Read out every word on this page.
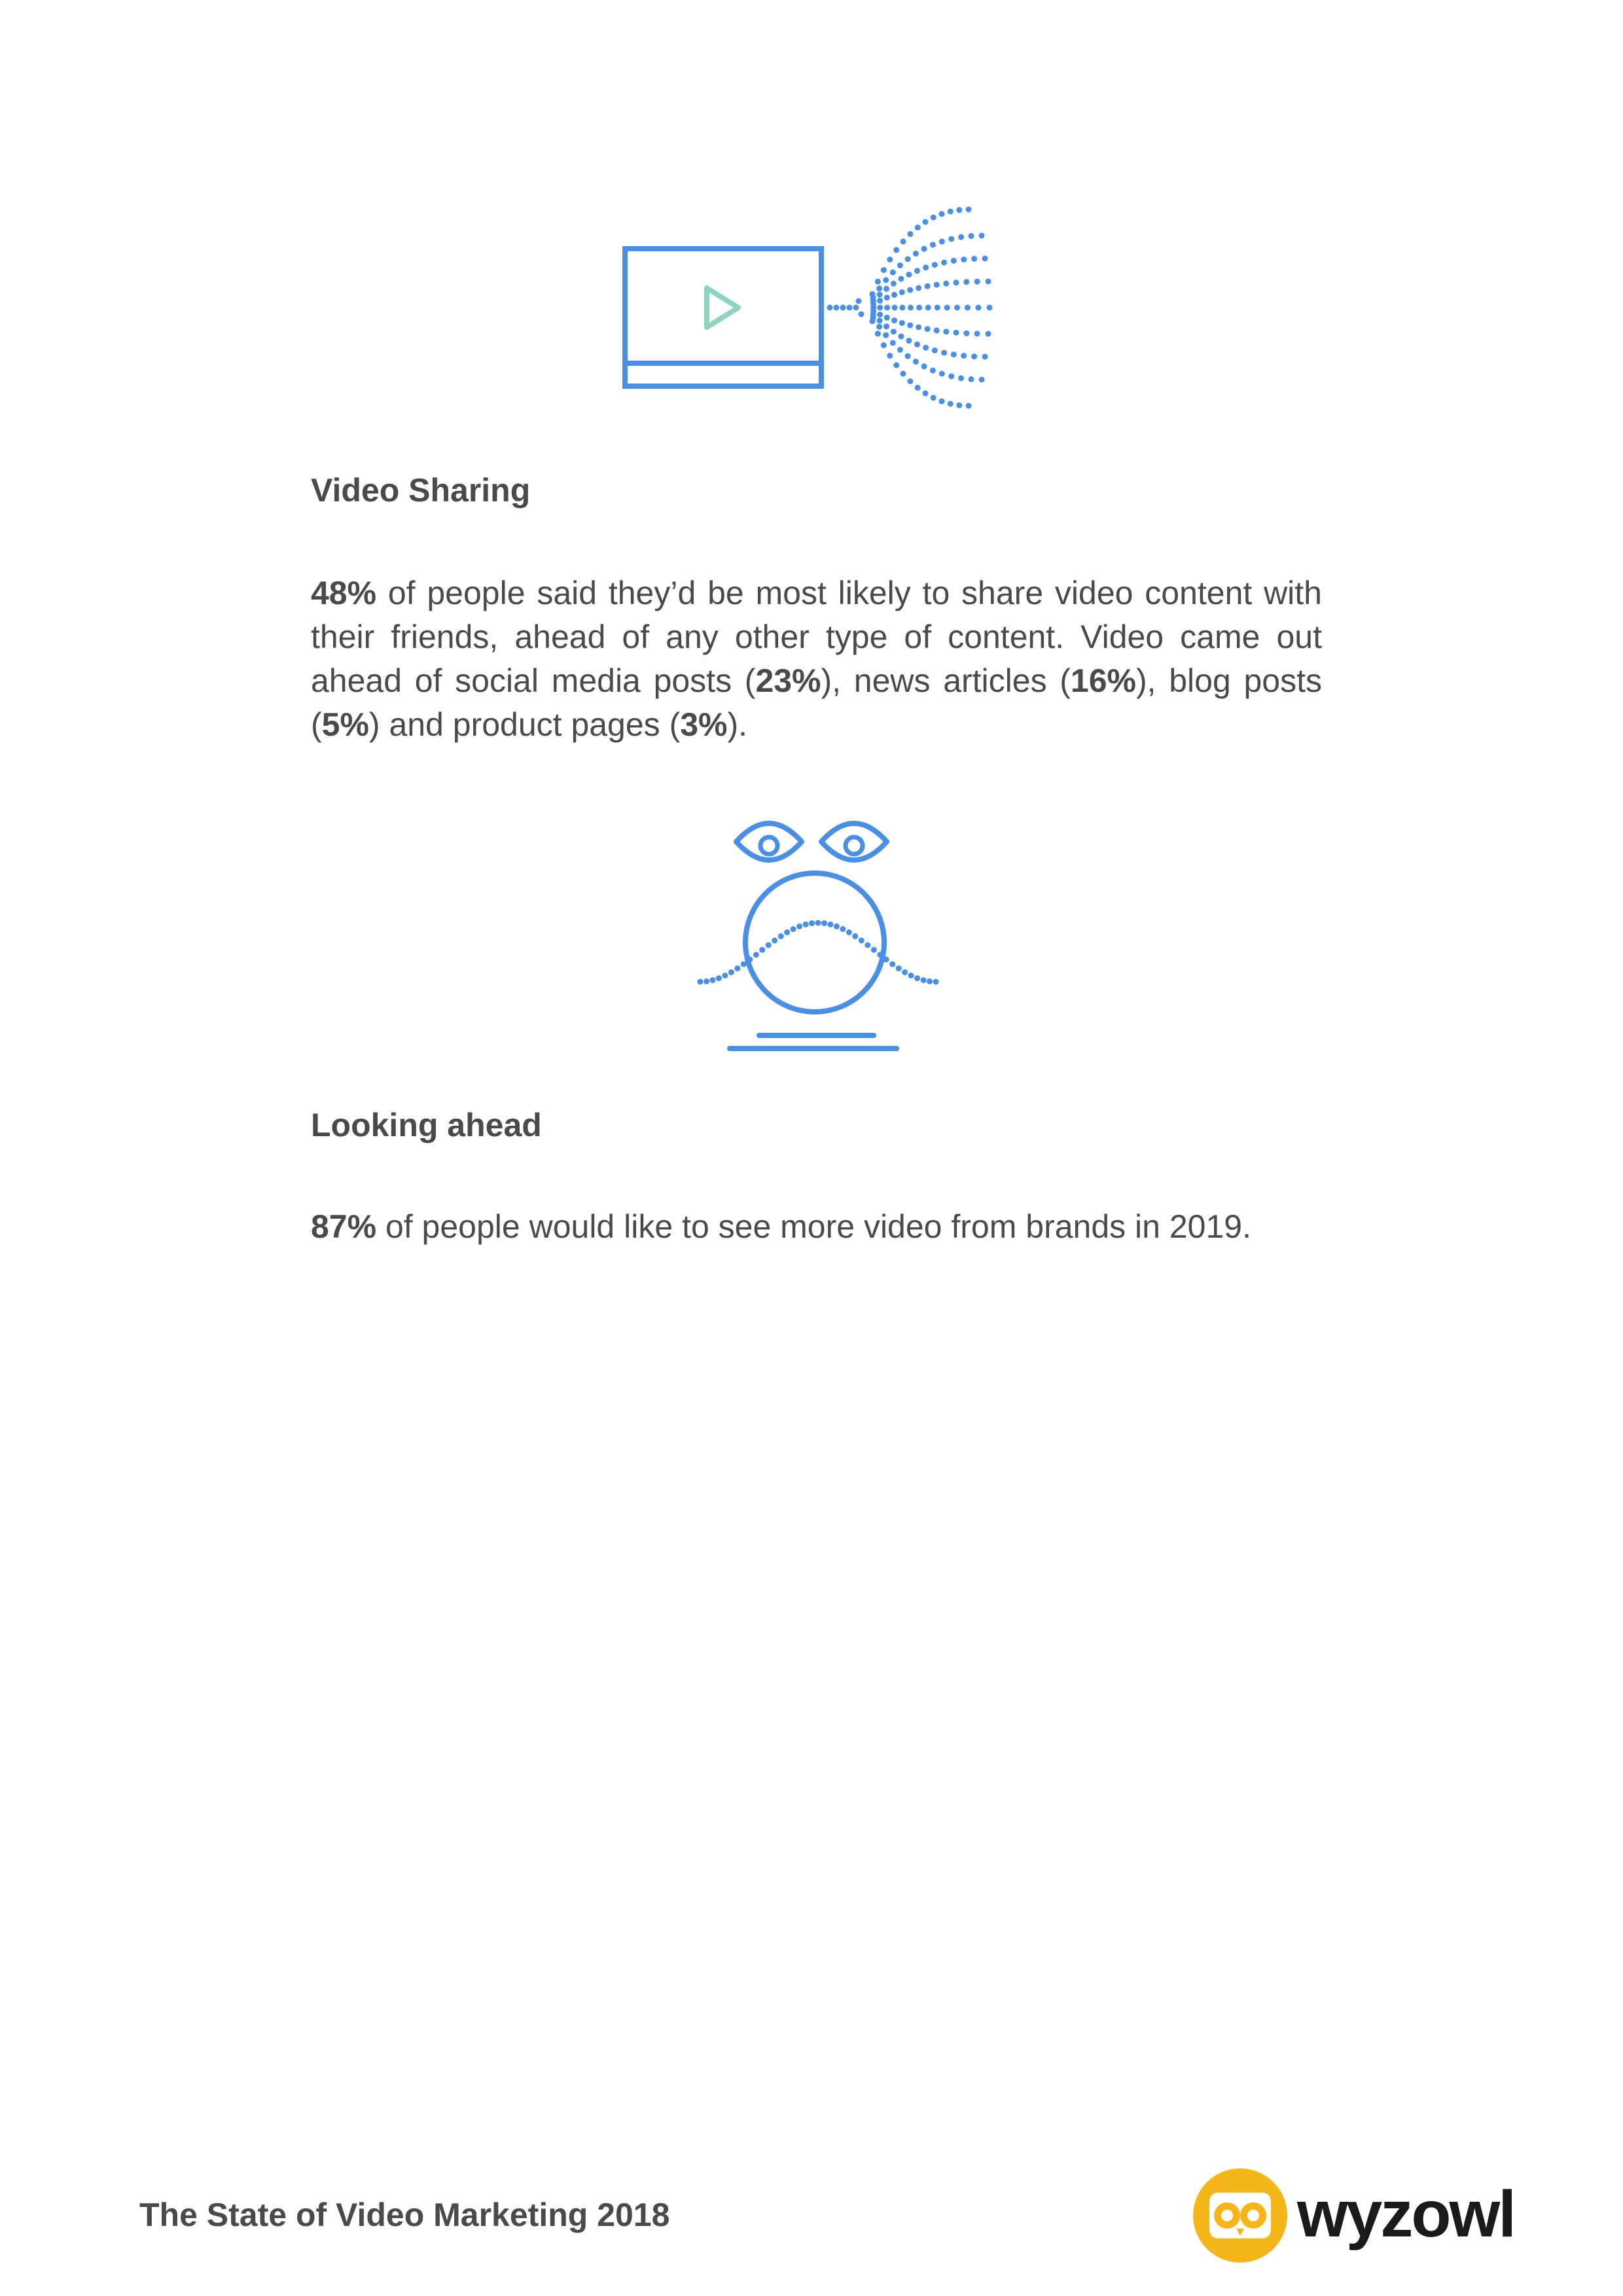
Video Sharing

48% of people said they’d be most likely to share video content with their friends, ahead of any other type of content. Video came out ahead of social media posts (23%), news articles (16%), blog posts (5%) and product pages (3%).

Looking ahead

87% of people would like to see more video from brands in 2019.

The State of Video Marketing 2018	wyzowl
